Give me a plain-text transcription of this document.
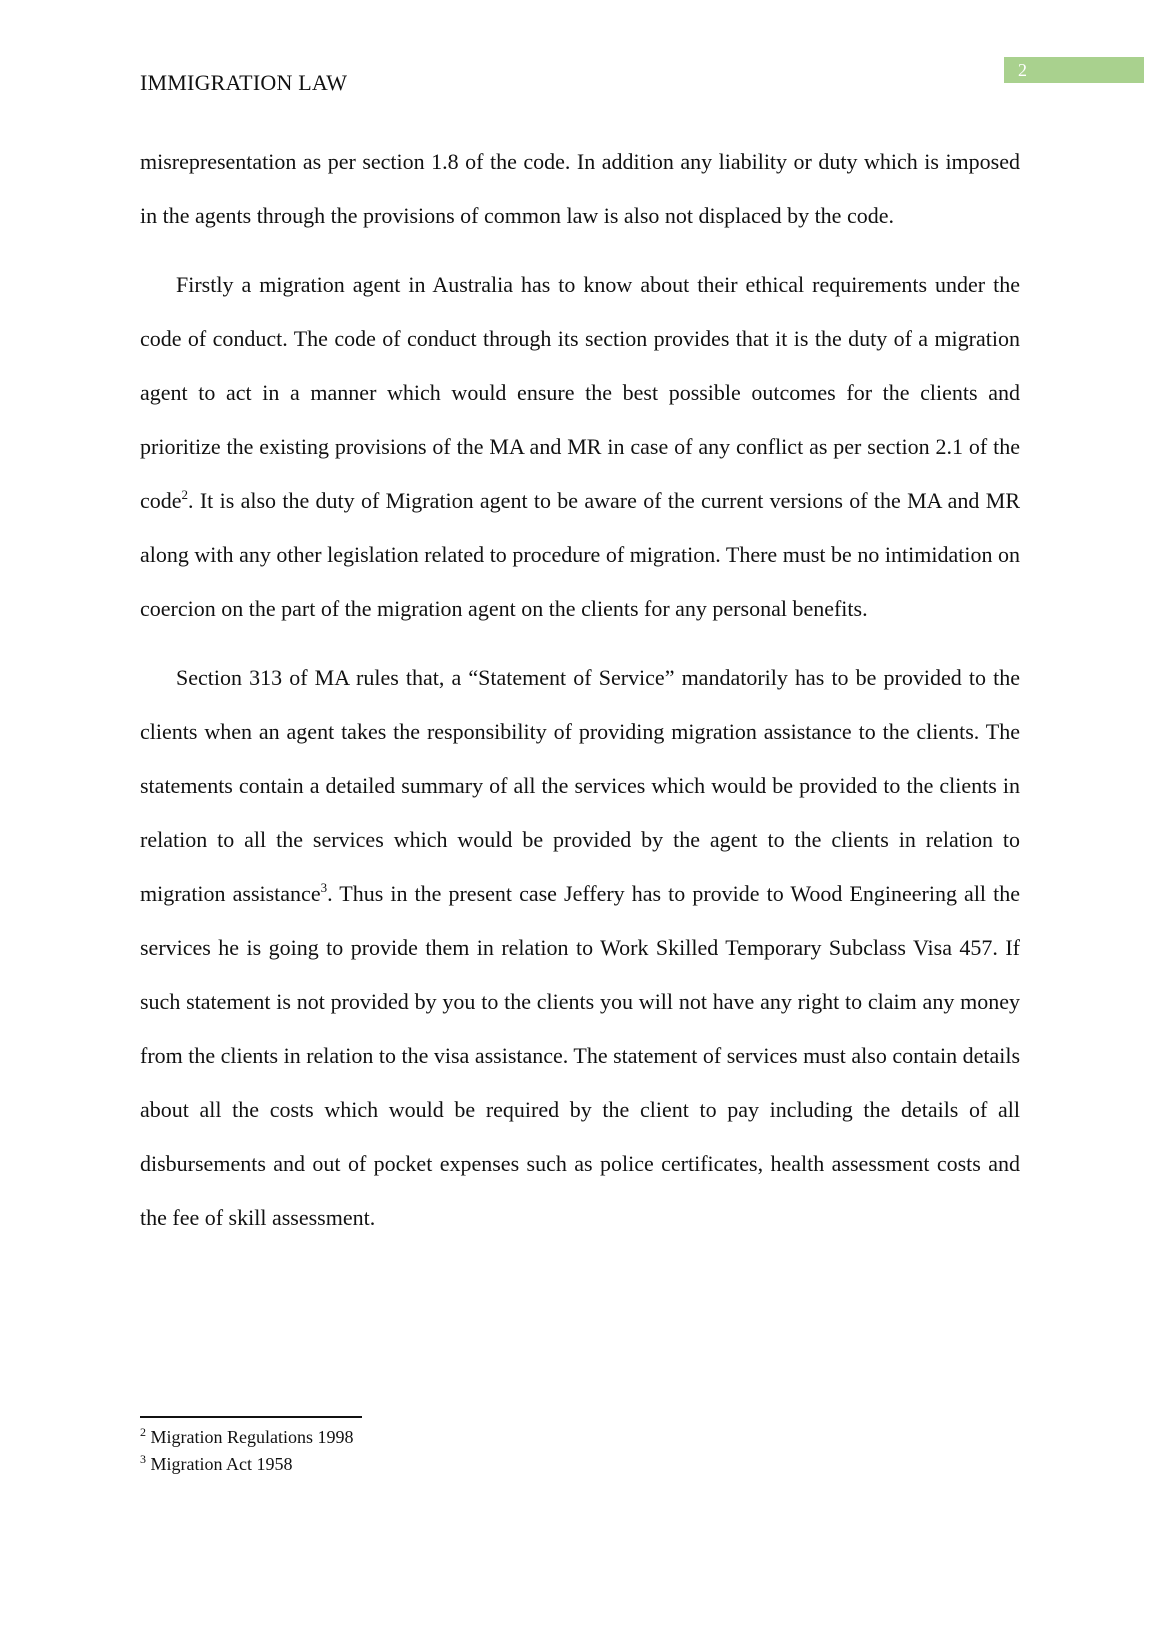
2
IMMIGRATION LAW

misrepresentation as per section 1.8 of the code. In addition any liability or duty which is imposed in the agents through the provisions of common law is also not displaced by the code.

Firstly a migration agent in Australia has to know about their ethical requirements under the code of conduct. The code of conduct through its section provides that it is the duty of a migration agent to act in a manner which would ensure the best possible outcomes for the clients and prioritize the existing provisions of the MA and MR in case of any conflict as per section 2.1 of the code$^2$. It is also the duty of Migration agent to be aware of the current versions of the MA and MR along with any other legislation related to procedure of migration. There must be no intimidation on coercion on the part of the migration agent on the clients for any personal benefits.

Section 313 of MA rules that, a “Statement of Service” mandatorily has to be provided to the clients when an agent takes the responsibility of providing migration assistance to the clients. The statements contain a detailed summary of all the services which would be provided to the clients in relation to all the services which would be provided by the agent to the clients in relation to migration assistance$^3$. Thus in the present case Jeffery has to provide to Wood Engineering all the services he is going to provide them in relation to Work Skilled Temporary Subclass Visa 457. If such statement is not provided by you to the clients you will not have any right to claim any money from the clients in relation to the visa assistance. The statement of services must also contain details about all the costs which would be required by the client to pay including the details of all disbursements and out of pocket expenses such as police certificates, health assessment costs and the fee of skill assessment.

$^2$ Migration Regulations 1998
$^3$ Migration Act 1958
